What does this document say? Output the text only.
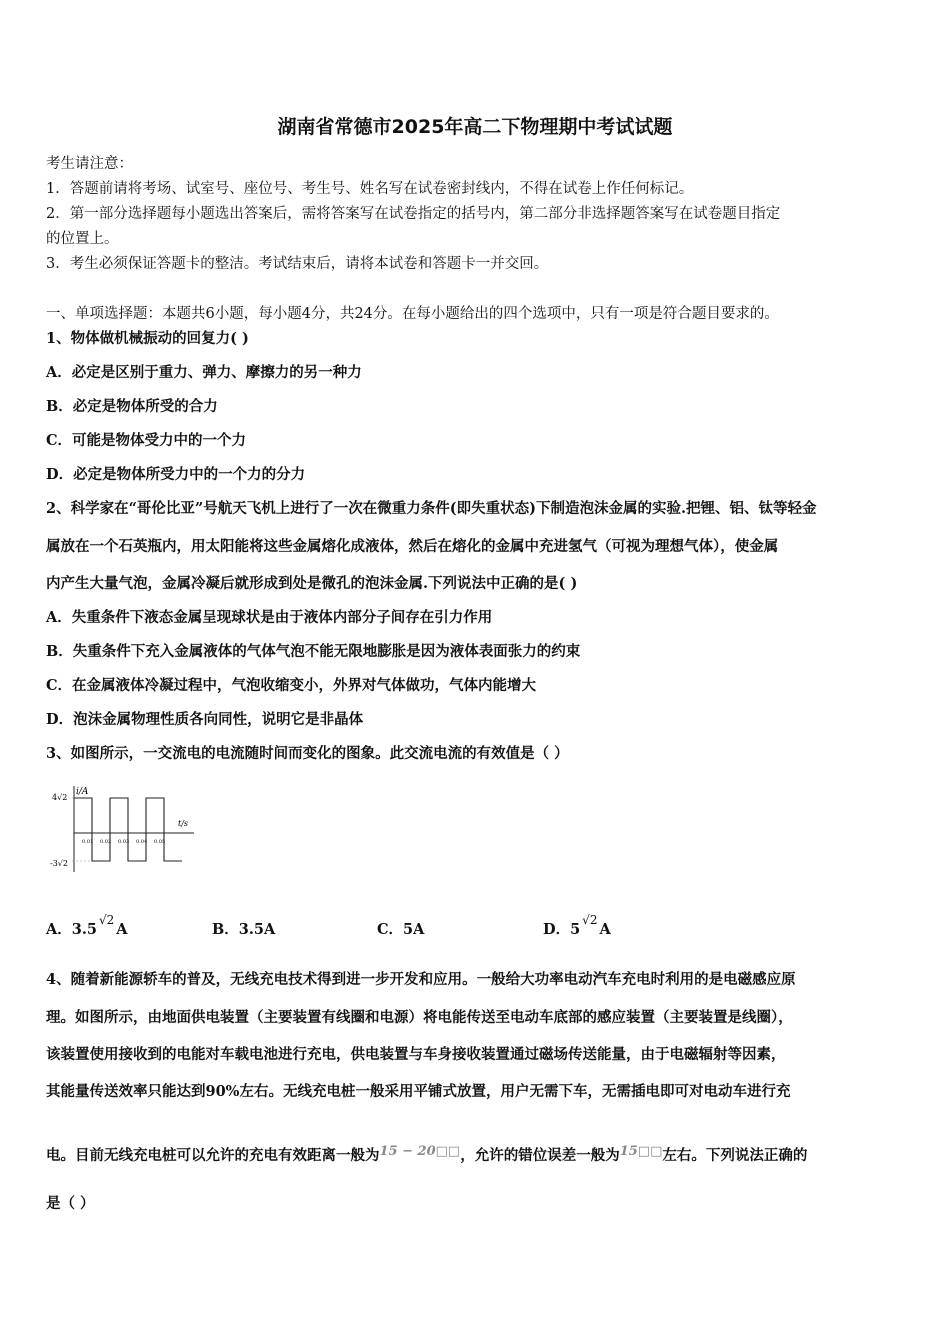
湖南省常德市2025年高二下物理期中考试试题
考生请注意：
1．答题前请将考场、试室号、座位号、考生号、姓名写在试卷密封线内，不得在试卷上作任何标记。
2．第一部分选择题每小题选出答案后，需将答案写在试卷指定的括号内，第二部分非选择题答案写在试卷题目指定
的位置上。
3．考生必须保证答题卡的整洁。考试结束后，请将本试卷和答题卡一并交回。
一、单项选择题：本题共6小题，每小题4分，共24分。在每小题给出的四个选项中，只有一项是符合题目要求的。
1、物体做机械振动的回复力( )
A．必定是区别于重力、弹力、摩擦力的另一种力
B．必定是物体所受的合力
C．可能是物体受力中的一个力
D．必定是物体所受力中的一个力的分力
2、科学家在“哥伦比亚”号航天飞机上进行了一次在微重力条件(即失重状态)下制造泡沫金属的实验.把锂、铝、钛等轻金
属放在一个石英瓶内，用太阳能将这些金属熔化成液体，然后在熔化的金属中充进氢气（可视为理想气体），使金属
内产生大量气泡，金属冷凝后就形成到处是微孔的泡沫金属.下列说法中正确的是( )
A．失重条件下液态金属呈现球状是由于液体内部分子间存在引力作用
B．失重条件下充入金属液体的气体气泡不能无限地膨胀是因为液体表面张力的约束
C．在金属液体冷凝过程中，气泡收缩变小，外界对气体做功，气体内能增大
D．泡沫金属物理性质各向同性，说明它是非晶体
3、如图所示，一交流电的电流随时间而变化的图象。此交流电流的有效值是（ ）
i/A
4√2
-3√2
t/s
0.01 0.02 0.03 0.04 0.05
A．$3.5^{√2}A$	B．3.5A	C．5A	D．$5^{√2}A$
4、随着新能源轿车的普及，无线充电技术得到进一步开发和应用。一般给大功率电动汽车充电时利用的是电磁感应原
理。如图所示，由地面供电装置（主要装置有线圈和电源）将电能传送至电动车底部的感应装置（主要装置是线圈），
该装置使用接收到的电能对车载电池进行充电，供电装置与车身接收装置通过磁场传送能量，由于电磁辐射等因素，
其能量传送效率只能达到90%左右。无线充电桩一般采用平铺式放置，用户无需下车，无需插电即可对电动车进行充
电。目前无线充电桩可以允许的充电有效距离一般为15 − 20□□，允许的错位误差一般为15□□左右。下列说法正确的
是（ ）
